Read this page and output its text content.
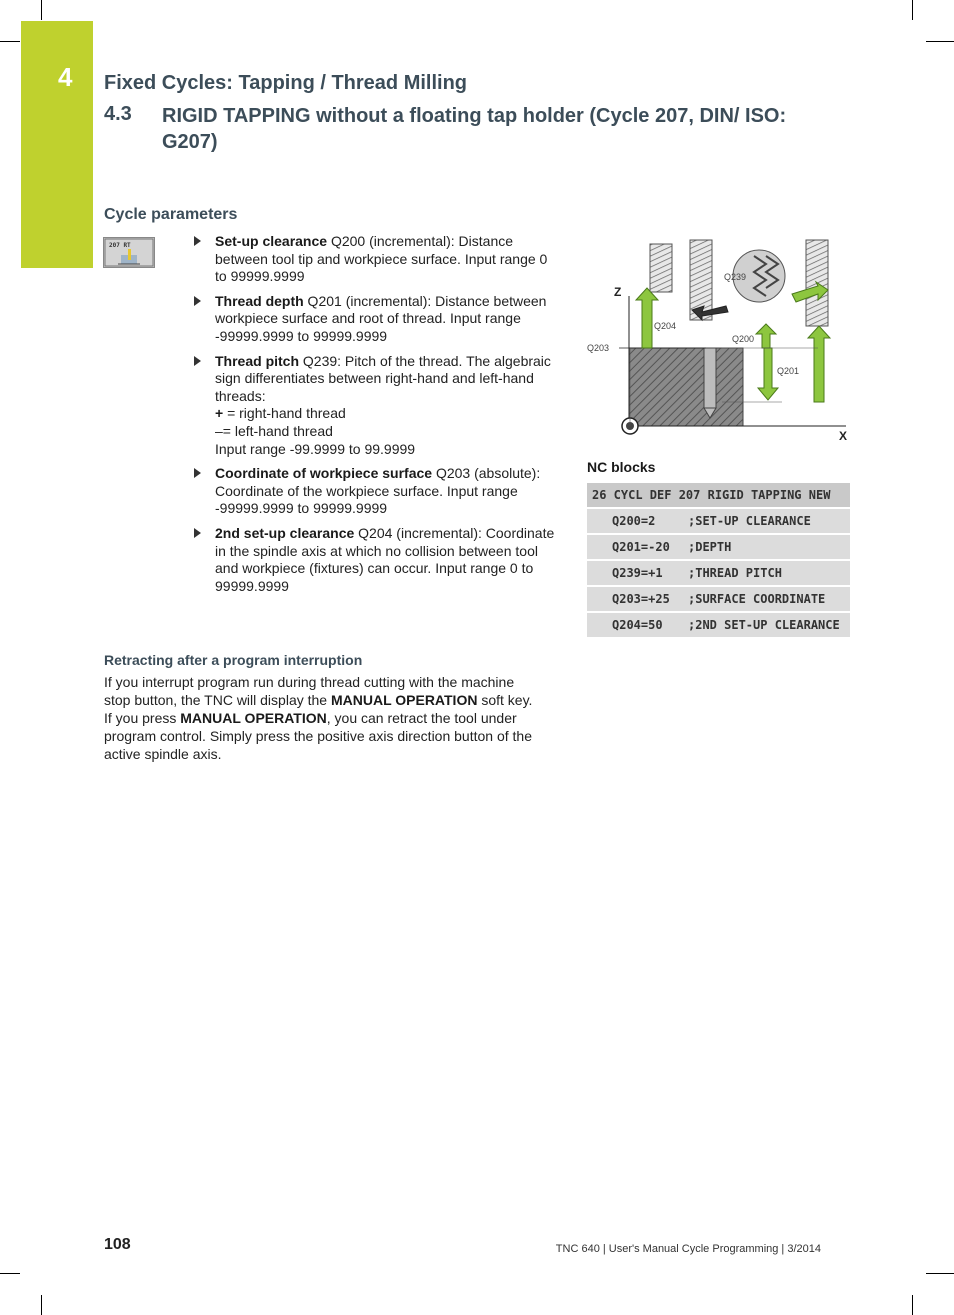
4 Fixed Cycles: Tapping / Thread Milling
4.3 RIGID TAPPING without a floating tap holder (Cycle 207, DIN/ ISO: G207)
Cycle parameters
207 RT	Set-up clearance Q200 (incremental): Distance between tool tip and workpiece surface. Input range 0 to 99999.9999
Thread depth Q201 (incremental): Distance between workpiece surface and root of thread. Input range -99999.9999 to 99999.9999
Thread pitch Q239: Pitch of the thread. The algebraic sign differentiates between right-hand and left-hand threads:
+ = right-hand thread
–= left-hand thread
Input range -99.9999 to 99.9999
Coordinate of workpiece surface Q203 (absolute): Coordinate of the workpiece surface. Input range -99999.9999 to 99999.9999
2nd set-up clearance Q204 (incremental): Coordinate in the spindle axis at which no collision between tool and workpiece (fixtures) can occur. Input range 0 to 99999.9999
Retracting after a program interruption
If you interrupt program run during thread cutting with the machine stop button, the TNC will display the MANUAL OPERATION soft key.
If you press MANUAL OPERATION, you can retract the tool under program control. Simply press the positive axis direction button of the active spindle axis.
Z
X
Q239
Q204
Q200
Q203
Q201
NC blocks
26 CYCL DEF 207 RIGID TAPPING NEW	
Q200=2	;SET-UP CLEARANCE
Q201=-20	;DEPTH
Q239=+1	;THREAD PITCH
Q203=+25	;SURFACE COORDINATE
Q204=50	;2ND SET-UP CLEARANCE
108	TNC 640 | User's Manual Cycle Programming | 3/2014
